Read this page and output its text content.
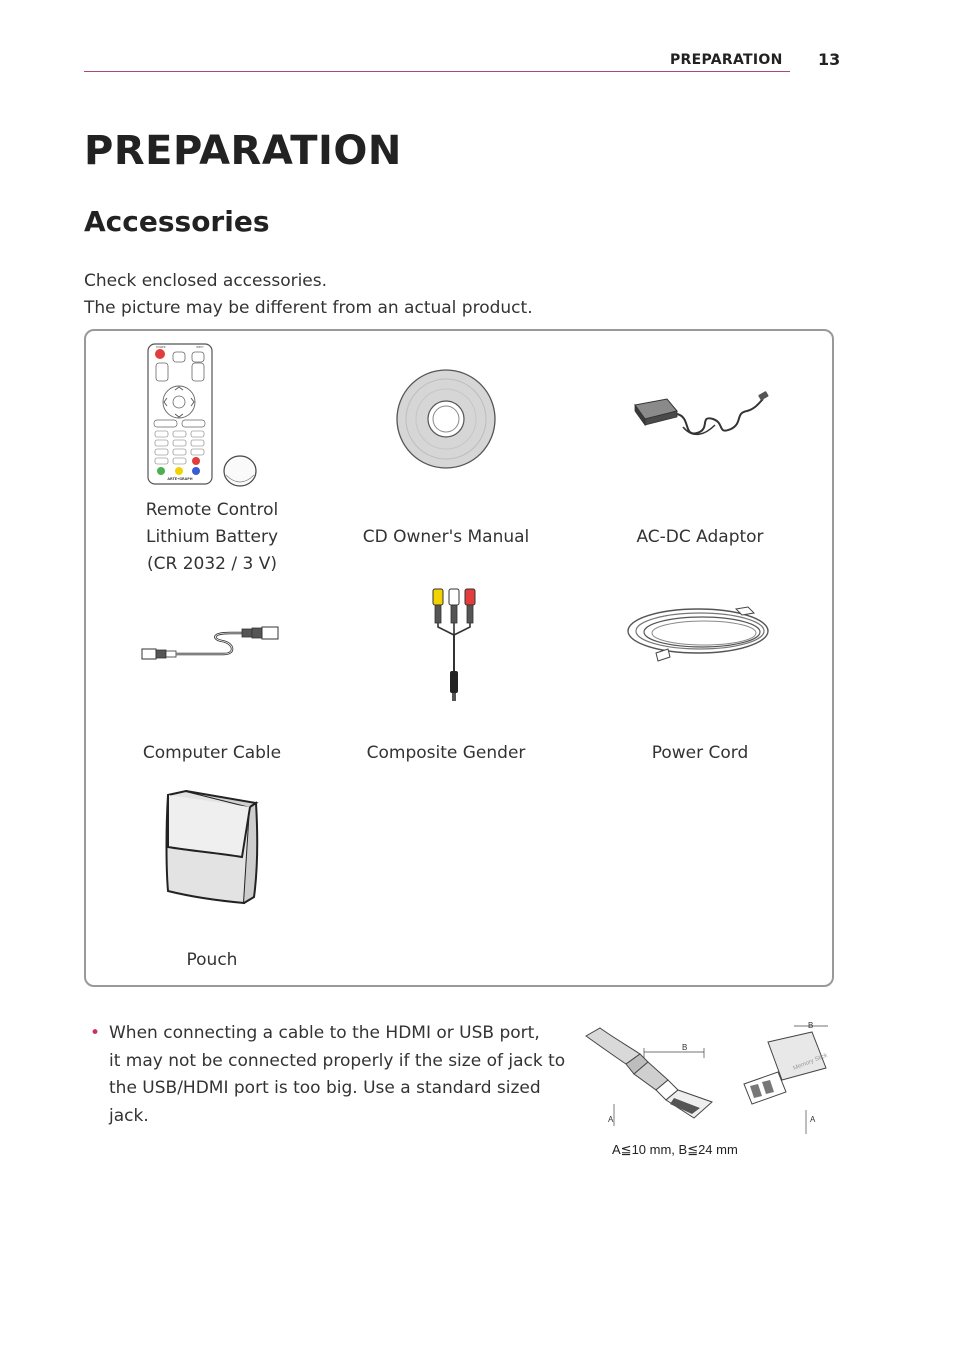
PREPARATION 13
PREPARATION
Accessories
Check enclosed accessories.
The picture may be different from an actual product.
POWER	INPUT
ARTE•GRAPH
Remote Control
Lithium Battery
(CR 2032 / 3 V)
CD Owner's Manual	AC-DC Adaptor
Computer Cable	Composite Gender	Power Cord
Pouch
• When connecting a cable to the HDMI or USB port,
it may not be connected properly if the size of jack to
the USB/HDMI port is too big. Use a standard sized
jack.
B
A
Memory Stick
B
A
A≦10 mm, B≦24 mm
